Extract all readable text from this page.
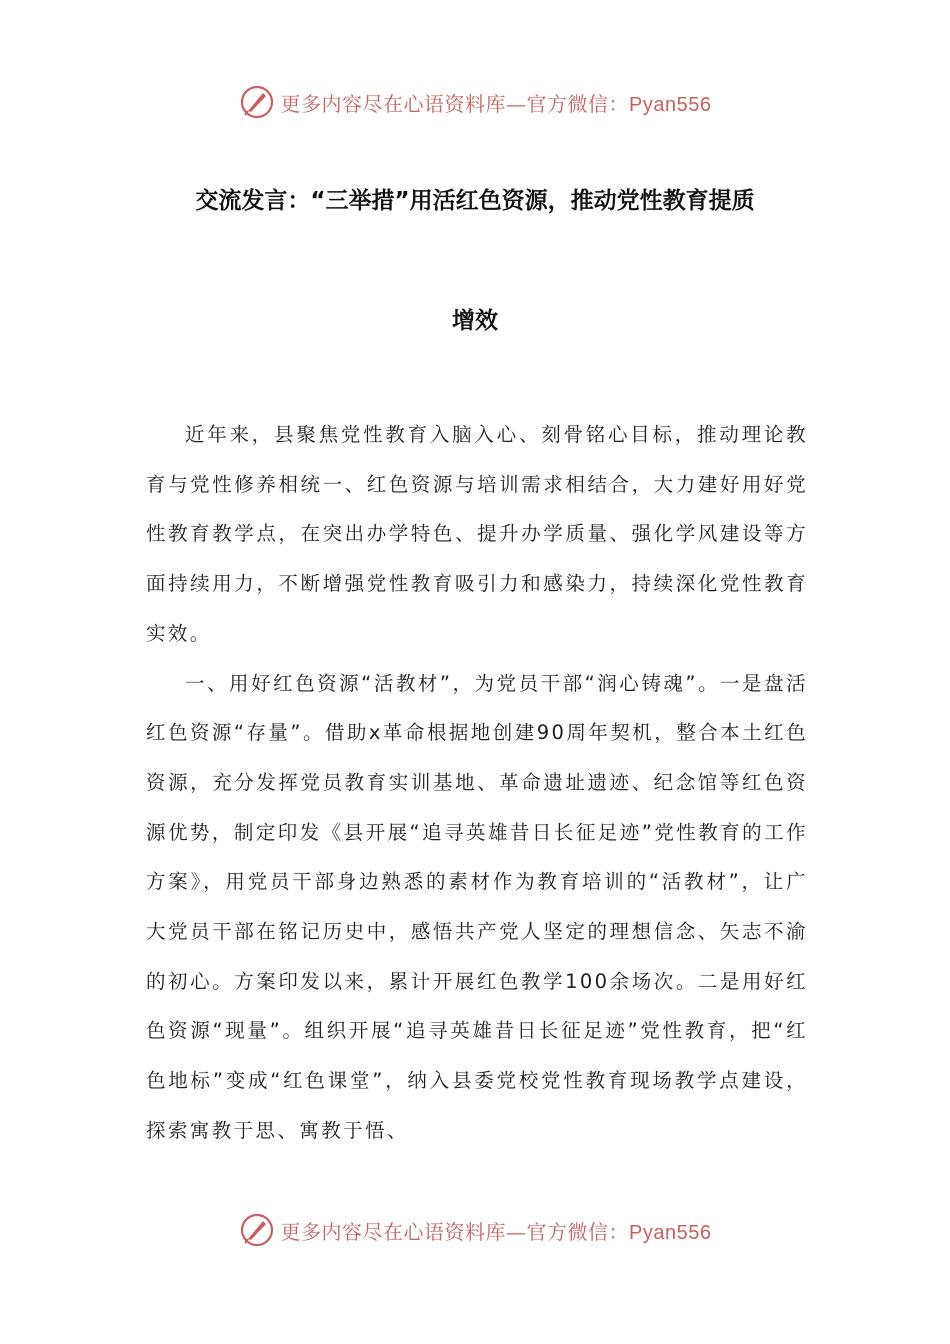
更多内容尽在心语资料库—官方微信：Pyan556
交流发言：“三举措”用活红色资源，推动党性教育提质
增效

近年来，县聚焦党性教育入脑入心、刻骨铭心目标，推动理论教育与党性修养相统一、红色资源与培训需求相结合，大力建好用好党性教育教学点，在突出办学特色、提升办学质量、强化学风建设等方面持续用力，不断增强党性教育吸引力和感染力，持续深化党性教育实效。

一、用好红色资源“活教材”，为党员干部“润心铸魂”。一是盘活红色资源“存量”。借助x革命根据地创建90周年契机，整合本土红色资源，充分发挥党员教育实训基地、革命遗址遗迹、纪念馆等红色资源优势，制定印发《县开展“追寻英雄昔日长征足迹”党性教育的工作方案》，用党员干部身边熟悉的素材作为教育培训的“活教材”，让广大党员干部在铭记历史中，感悟共产党人坚定的理想信念、矢志不渝的初心。方案印发以来，累计开展红色教学100余场次。二是用好红色资源“现量”。组织开展“追寻英雄昔日长征足迹”党性教育，把“红色地标”变成“红色课堂”，纳入县委党校党性教育现场教学点建设，探索寓教于思、寓教于悟、

更多内容尽在心语资料库—官方微信：Pyan556
